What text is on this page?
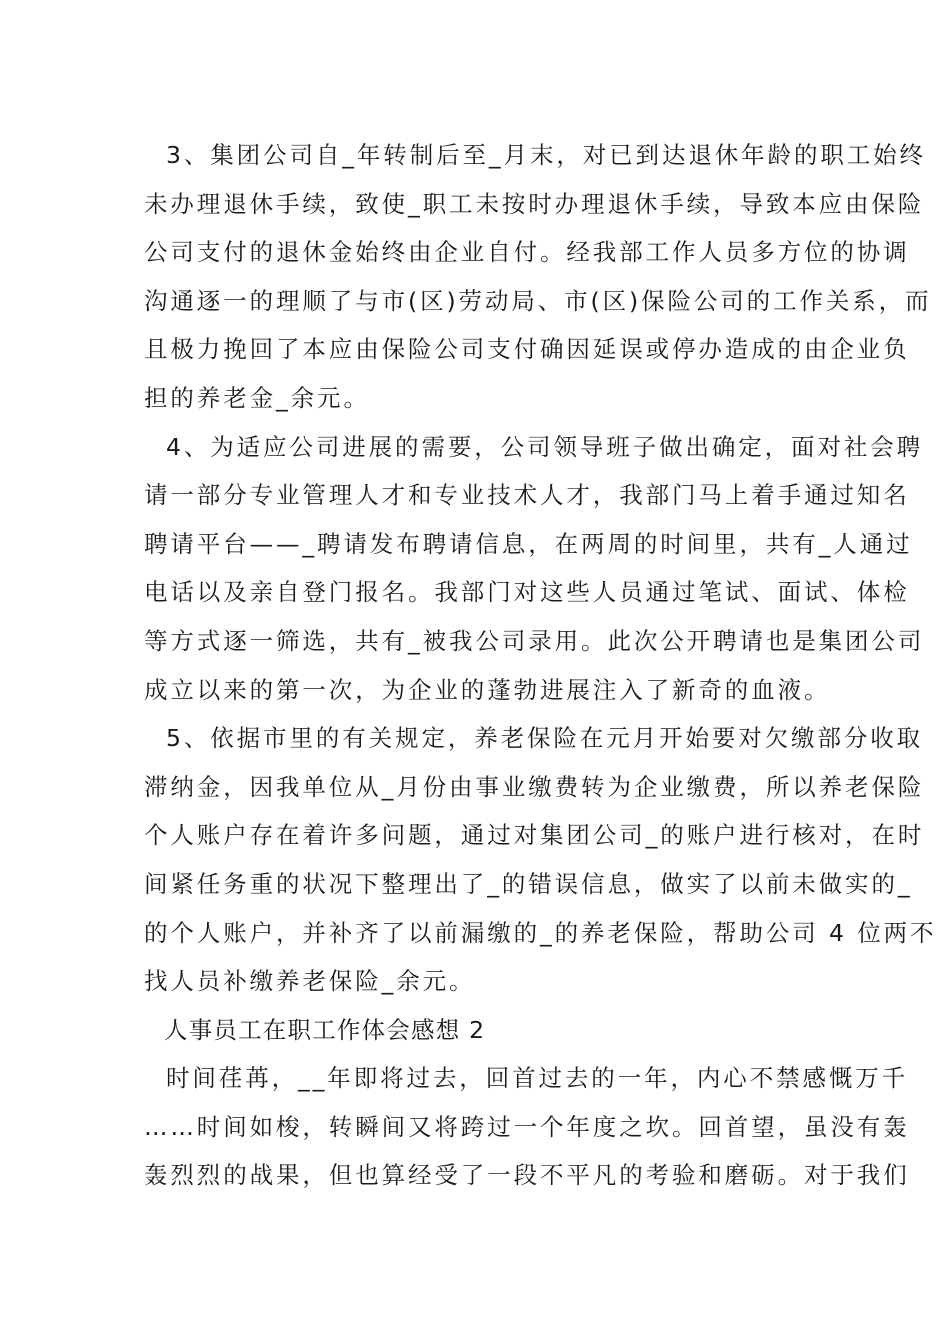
3、集团公司自_年转制后至_月末，对已到达退休年龄的职工始终
未办理退休手续，致使_职工未按时办理退休手续，导致本应由保险
公司支付的退休金始终由企业自付。经我部工作人员多方位的协调
沟通逐一的理顺了与市(区)劳动局、市(区)保险公司的工作关系，而
且极力挽回了本应由保险公司支付确因延误或停办造成的由企业负
担的养老金_余元。
4、为适应公司进展的需要，公司领导班子做出确定，面对社会聘
请一部分专业管理人才和专业技术人才，我部门马上着手通过知名
聘请平台——_聘请发布聘请信息，在两周的时间里，共有_人通过
电话以及亲自登门报名。我部门对这些人员通过笔试、面试、体检
等方式逐一筛选，共有_被我公司录用。此次公开聘请也是集团公司
成立以来的第一次，为企业的蓬勃进展注入了新奇的血液。
5、依据市里的有关规定，养老保险在元月开始要对欠缴部分收取
滞纳金，因我单位从_月份由事业缴费转为企业缴费，所以养老保险
个人账户存在着许多问题，通过对集团公司_的账户进行核对，在时
间紧任务重的状况下整理出了_的错误信息，做实了以前未做实的_
的个人账户，并补齐了以前漏缴的_的养老保险，帮助公司 4 位两不
找人员补缴养老保险_余元。
人事员工在职工作体会感想 2
时间荏苒，__年即将过去，回首过去的一年，内心不禁感慨万千
……时间如梭，转瞬间又将跨过一个年度之坎。回首望，虽没有轰
轰烈烈的战果，但也算经受了一段不平凡的考验和磨砺。对于我们
